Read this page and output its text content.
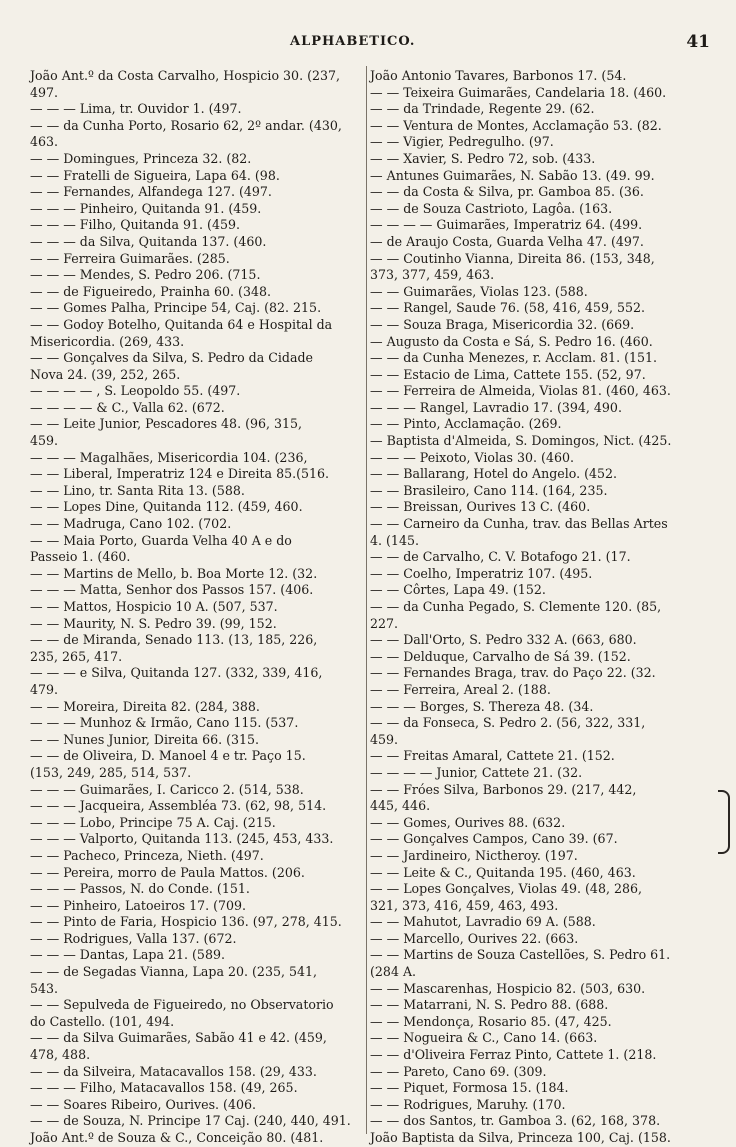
ALPHABETICO.	41
João Ant.º da Costa Carvalho, Hospicio 30. (237,
497.
— — — Lima, tr. Ouvidor 1. (497.
— — da Cunha Porto, Rosario 62, 2º andar. (430,
463.
— — Domingues, Princeza 32. (82.
— — Fratelli de Sigueira, Lapa 64. (98.
— — Fernandes, Alfandega 127. (497.
— — — Pinheiro, Quitanda 91. (459.
— — — Filho, Quitanda 91. (459.
— — — da Silva, Quitanda 137. (460.
— — Ferreira Guimarães. (285.
— — — Mendes, S. Pedro 206. (715.
— — de Figueiredo, Prainha 60. (348.
— — Gomes Palha, Principe 54, Caj. (82. 215.
— — Godoy Botelho, Quitanda 64 e Hospital da
Misericordia. (269, 433.
— — Gonçalves da Silva, S. Pedro da Cidade
Nova 24. (39, 252, 265.
— — — — , S. Leopoldo 55. (497.
— — — — & C., Valla 62. (672.
— — Leite Junior, Pescadores 48. (96, 315,
459.
— — — Magalhães, Misericordia 104. (236,
— — Liberal, Imperatriz 124 e Direita 85.(516.
— — Lino, tr. Santa Rita 13. (588.
— — Lopes Dine, Quitanda 112. (459, 460.
— — Madruga, Cano 102. (702.
— — Maia Porto, Guarda Velha 40 A e do
Passeio 1. (460.
— — Martins de Mello, b. Boa Morte 12. (32.
— — — Matta, Senhor dos Passos 157. (406.
— — Mattos, Hospicio 10 A. (507, 537.
— — Maurity, N. S. Pedro 39. (99, 152.
— — de Miranda, Senado 113. (13, 185, 226,
235, 265, 417.
— — — e Silva, Quitanda 127. (332, 339, 416,
479.
— — Moreira, Direita 82. (284, 388.
— — — Munhoz & Irmão, Cano 115. (537.
— — Nunes Junior, Direita 66. (315.
— — de Oliveira, D. Manoel 4 e tr. Paço 15.
(153, 249, 285, 514, 537.
— — — Guimarães, I. Caricco 2. (514, 538.
— — — Jacqueira, Assembléa 73. (62, 98, 514.
— — — Lobo, Principe 75 A. Caj. (215.
— — — Valporto, Quitanda 113. (245, 453, 433.
— — Pacheco, Princeza, Nieth. (497.
— — Pereira, morro de Paula Mattos. (206.
— — — Passos, N. do Conde. (151.
— — Pinheiro, Latoeiros 17. (709.
— — Pinto de Faria, Hospicio 136. (97, 278, 415.
— — Rodrigues, Valla 137. (672.
— — — Dantas, Lapa 21. (589.
— — de Segadas Vianna, Lapa 20. (235, 541,
543.
— — Sepulveda de Figueiredo, no Observatorio
do Castello. (101, 494.
— — da Silva Guimarães, Sabão 41 e 42. (459,
478, 488.
— — da Silveira, Matacavallos 158. (29, 433.
— — — Filho, Matacavallos 158. (49, 265.
— — Soares Ribeiro, Ourives. (406.
— — de Souza, N. Principe 17 Caj. (240, 440, 491.
João Ant.º de Souza & C., Conceição 80. (481.
João Antonio Tavares, Barbonos 17. (54.
— — Teixeira Guimarães, Candelaria 18. (460.
— — da Trindade, Regente 29. (62.
— — Ventura de Montes, Acclamação 53. (82.
— — Vigier, Pedregulho. (97.
— — Xavier, S. Pedro 72, sob. (433.
— Antunes Guimarães, N. Sabão 13. (49. 99.
— — da Costa & Silva, pr. Gamboa 85. (36.
— — de Souza Castrioto, Lagôa. (163.
— — — — Guimarães, Imperatriz 64. (499.
— de Araujo Costa, Guarda Velha 47. (497.
— — Coutinho Vianna, Direita 86. (153, 348,
373, 377, 459, 463.
— — Guimarães, Violas 123. (588.
— — Rangel, Saude 76. (58, 416, 459, 552.
— — Souza Braga, Misericordia 32. (669.
— Augusto da Costa e Sá, S. Pedro 16. (460.
— — da Cunha Menezes, r. Acclam. 81. (151.
— — Estacio de Lima, Cattete 155. (52, 97.
— — Ferreira de Almeida, Violas 81. (460, 463.
— — — Rangel, Lavradio 17. (394, 490.
— — Pinto, Acclamação. (269.
— Baptista d'Almeida, S. Domingos, Nict. (425.
— — — Peixoto, Violas 30. (460.
— — Ballarang, Hotel do Angelo. (452.
— — Brasileiro, Cano 114. (164, 235.
— — Breissan, Ourives 13 C. (460.
— — Carneiro da Cunha, trav. das Bellas Artes
4. (145.
— — de Carvalho, C. V. Botafogo 21. (17.
— — Coelho, Imperatriz 107. (495.
— — Côrtes, Lapa 49. (152.
— — da Cunha Pegado, S. Clemente 120. (85,
227.
— — Dall'Orto, S. Pedro 332 A. (663, 680.
— — Delduque, Carvalho de Sá 39. (152.
— — Fernandes Braga, trav. do Paço 22. (32.
— — Ferreira, Areal 2. (188.
— — — Borges, S. Thereza 48. (34.
— — da Fonseca, S. Pedro 2. (56, 322, 331,
459.
— — Freitas Amaral, Cattete 21. (152.
— — — — Junior, Cattete 21. (32.
— — Fróes Silva, Barbonos 29. (217, 442,
445, 446.
— — Gomes, Ourives 88. (632.
— — Gonçalves Campos, Cano 39. (67.
— — Jardineiro, Nictheroy. (197.
— — Leite & C., Quitanda 195. (460, 463.
— — Lopes Gonçalves, Violas 49. (48, 286,
321, 373, 416, 459, 463, 493.
— — Mahutot, Lavradio 69 A. (588.
— — Marcello, Ourives 22. (663.
— — Martins de Souza Castellões, S. Pedro 61.
(284 A.
— — Mascarenhas, Hospicio 82. (503, 630.
— — Matarrani, N. S. Pedro 88. (688.
— — Mendonça, Rosario 85. (47, 425.
— — Nogueira & C., Cano 14. (663.
— — d'Oliveira Ferraz Pinto, Cattete 1. (218.
— — Pareto, Cano 69. (309.
— — Piquet, Formosa 15. (184.
— — Rodrigues, Maruhy. (170.
— — dos Santos, tr. Gamboa 3. (62, 168, 378.
João Baptista da Silva, Princeza 100, Caj. (158.
